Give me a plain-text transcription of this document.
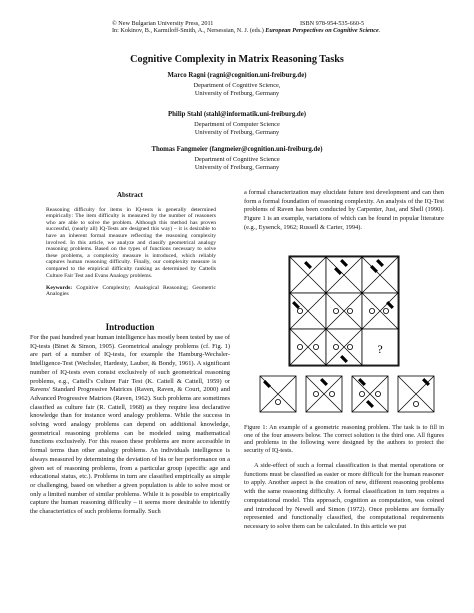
In: Kokinov, B., Karmiloff-Smith, A., Nersessian, N. J. (eds.) European Perspectives on Cognitive Science.

© New Bulgarian University Press, 2011	ISBN 978-954-535-660-5
Cognitive Complexity in Matrix Reasoning Tasks
Marco Ragni (ragni@cognition.uni-freiburg.de)
Department of Cognitive Science,
University of Freiburg, Germany
Philip Stahl (stahl@informatik.uni-freiburg.de)
Department of Computer Science
University of Freiburg, Germany
Thomas Fangmeier (fangmeier@cognition.uni-freiburg.de)
Department of Cognitive Science
University of Freiburg, Germany
Abstract

Reasoning difficulty for items in IQ-tests is generally determined empirically: The item difficulty is measured by the number of reasoners who are able to solve the problem. Although this method has proven successful, (nearly all) IQ-Tests are designed this way) – it is desirable to have an inherent formal measure reflecting the reasoning complexity involved. In this article, we analyze and classify geometrical analogy reasoning problems. Based on the types of functions necessary to solve these problems, a complexity measure is introduced, which reliably captures human reasoning difficulty. Finally, our complexity measure is compared to the empirical difficulty ranking as determined by Cattells Culture Fair Test and Evans Analogy problems.

Keywords: Cognitive Complexity; Analogical Reasoning; Geometric Analogies

Introduction

For the past hundred year human intelligence has mostly been tested by use of IQ-tests (Binet & Simon, 1905). Geometrical analogy problems (cf. Fig. 1) are part of a number of IQ-tests, for example the Hamburg-Wechsler-Intelligence-Test (Wechsler, Hardesty, Lauber, & Bondy, 1961). A significant number of IQ-tests even consist exclusively of such geometrical reasoning problems, e.g., Cattell's Culture Fair Test (K. Cattell & Cattell, 1959) or Ravens' Standard Progressive Matrices (Raven, Raven, & Court, 2000) and Advanced Progressive Matrices (Raven, 1962). Such problems are sometimes classified as culture fair (R. Cattell, 1968) as they require less declarative knowledge than for instance word analogy problems. While the success in solving word analogy problems can depend on additional knowledge, geometrical reasoning problems can be modeled using mathematical functions exclusively. For this reason these problems are more accessible in formal terms than other analogy problems. An individuals intelligence is always measured by determining the deviation of his or her performance on a given set of reasoning problems, from a particular group (specific age and educational status, etc.). Problems in turn are classified empirically as simple or challenging, based on whether a given population is able to solve most or only a limited number of similar problems. While it is possible to empirically capture the human reasoning difficulty – it seems more desirable to identify the characteristics of such problems formally. Such

a formal characterization may elucidate future test development and can then form a formal foundation of reasoning complexity. An analysis of the IQ-Test problems of Raven has been conducted by Carpenter, Just, and Shell (1990). Figure 1 is an example, variations of which can be found in popular literature (e.g., Eysenck, 1962; Russell & Carter, 1994).

?
Figure 1: An example of a geometric reasoning problem. The task is to fill in one of the four answers below. The correct solution is the third one. All figures and problems in the following were designed by the authors to protect the security of IQ-tests.

A side-effect of such a formal classification is that mental operations or functions must be classified as easier or more difficult for the human reasoner to apply. Another aspect is the creation of new, different reasoning problems with the same reasoning difficulty. A formal classification in turn requires a computational model. This approach, cognition as computation, was coined and introduced by Newell and Simon (1972). Once problems are formally represented and functionally classified, the computational requirements necessary to solve them can be calculated. In this article we put
